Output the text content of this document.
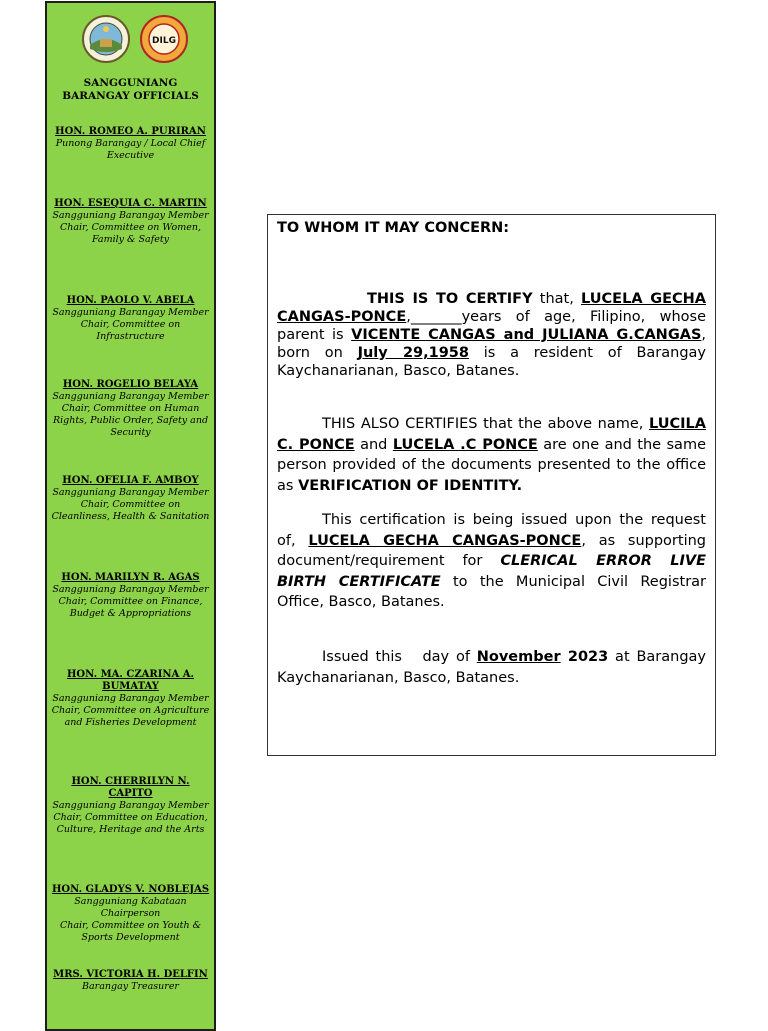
DILG
SANGGUNIANG BARANGAY OFFICIALS
HON. ROMEO A. PURIRAN
Punong Barangay / Local Chief Executive
HON. ESEQUIA C. MARTIN
Sangguniang Barangay Member
Chair, Committee on Women, Family & Safety
HON. PAOLO V. ABELA
Sangguniang Barangay Member
Chair, Committee on Infrastructure
HON. ROGELIO BELAYA
Sangguniang Barangay Member
Chair, Committee on Human Rights, Public Order, Safety and Security
HON. OFELIA F. AMBOY
Sangguniang Barangay Member
Chair, Committee on Cleanliness, Health & Sanitation
HON. MARILYN R. AGAS
Sangguniang Barangay Member
Chair, Committee on Finance, Budget & Appropriations
HON. MA. CZARINA A. BUMATAY
Sangguniang Barangay Member
Chair, Committee on Agriculture and Fisheries Development
HON. CHERRILYN N. CAPITO
Sangguniang Barangay Member
Chair, Committee on Education, Culture, Heritage and the Arts
HON. GLADYS V. NOBLEJAS
Sangguniang Kabataan Chairperson
Chair, Committee on Youth & Sports Development
MRS. VICTORIA H. DELFIN
Barangay Treasurer

TO WHOM IT MAY CONCERN:

THIS IS TO CERTIFY that, LUCELA GECHA CANGAS-PONCE,_______years of age, Filipino, whose parent is VICENTE CANGAS and JULIANA G.CANGAS, born on July 29,1958 is a resident of Barangay Kaychanarianan, Basco, Batanes.

THIS ALSO CERTIFIES that the above name, LUCILA C. PONCE and LUCELA .C PONCE are one and the same person provided of the documents presented to the office as VERIFICATION OF IDENTITY.

This certification is being issued upon the request of, LUCELA GECHA CANGAS-PONCE, as supporting document/requirement for CLERICAL ERROR LIVE BIRTH CERTIFICATE to the Municipal Civil Registrar Office, Basco, Batanes.

Issued this   day of November 2023 at Barangay Kaychanarianan, Basco, Batanes.
